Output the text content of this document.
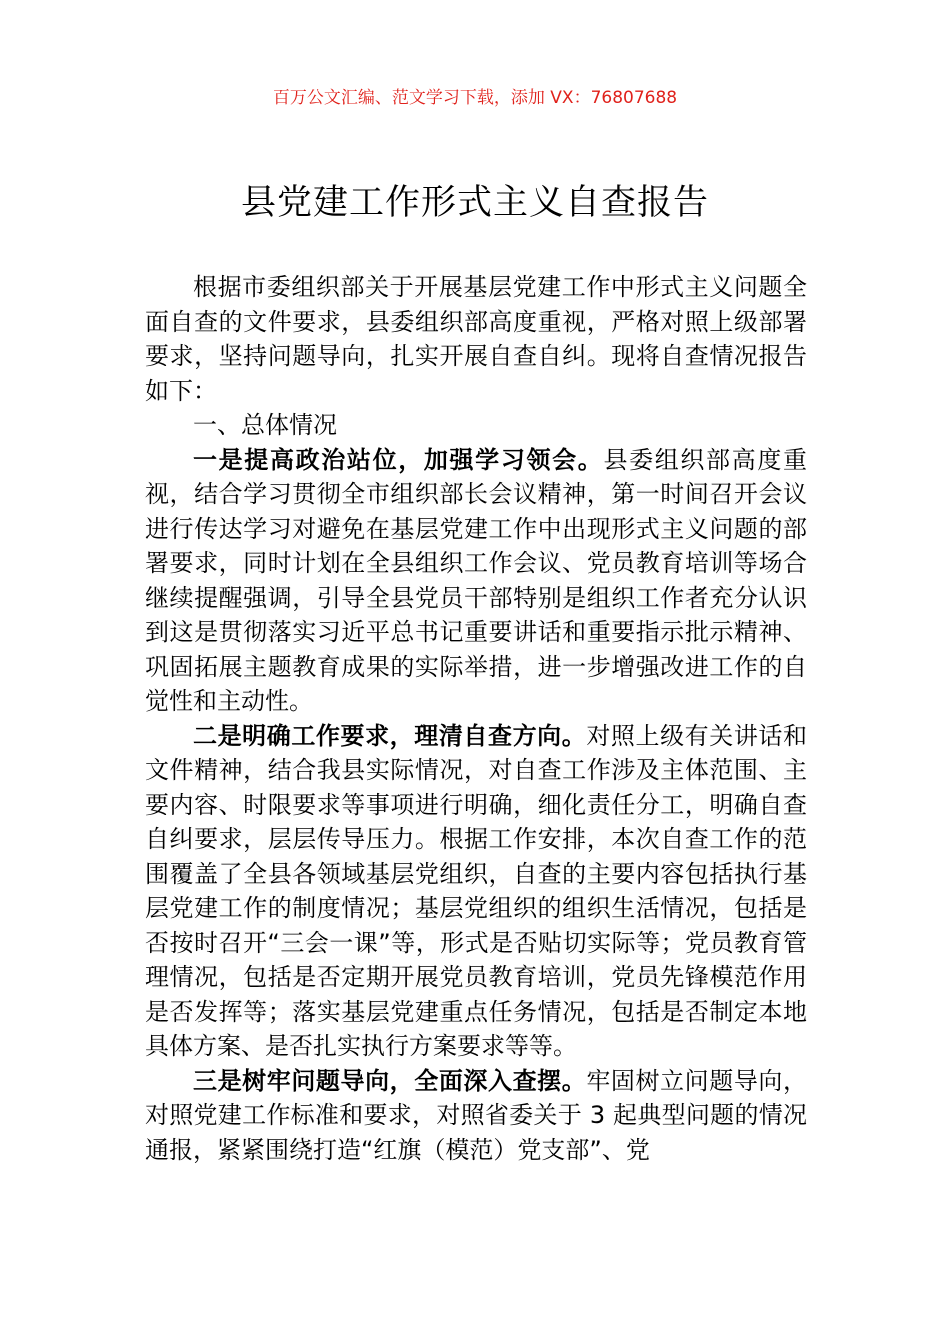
百万公文汇编、范文学习下载，添加 VX：76807688
县党建工作形式主义自查报告

根据市委组织部关于开展基层党建工作中形式主义问题全面自查的文件要求，县委组织部高度重视，严格对照上级部署要求，坚持问题导向，扎实开展自查自纠。现将自查情况报告如下：

一、总体情况

一是提高政治站位，加强学习领会。县委组织部高度重视，结合学习贯彻全市组织部长会议精神，第一时间召开会议进行传达学习对避免在基层党建工作中出现形式主义问题的部署要求，同时计划在全县组织工作会议、党员教育培训等场合继续提醒强调，引导全县党员干部特别是组织工作者充分认识到这是贯彻落实习近平总书记重要讲话和重要指示批示精神、巩固拓展主题教育成果的实际举措，进一步增强改进工作的自觉性和主动性。

二是明确工作要求，理清自查方向。对照上级有关讲话和文件精神，结合我县实际情况，对自查工作涉及主体范围、主要内容、时限要求等事项进行明确，细化责任分工，明确自查自纠要求，层层传导压力。根据工作安排，本次自查工作的范围覆盖了全县各领域基层党组织，自查的主要内容包括执行基层党建工作的制度情况；基层党组织的组织生活情况，包括是否按时召开“三会一课”等，形式是否贴切实际等；党员教育管理情况，包括是否定期开展党员教育培训，党员先锋模范作用是否发挥等；落实基层党建重点任务情况，包括是否制定本地具体方案、是否扎实执行方案要求等等。

三是树牢问题导向，全面深入查摆。牢固树立问题导向，对照党建工作标准和要求，对照省委关于 3 起典型问题的情况通报，紧紧围绕打造“红旗（模范）党支部”、党
